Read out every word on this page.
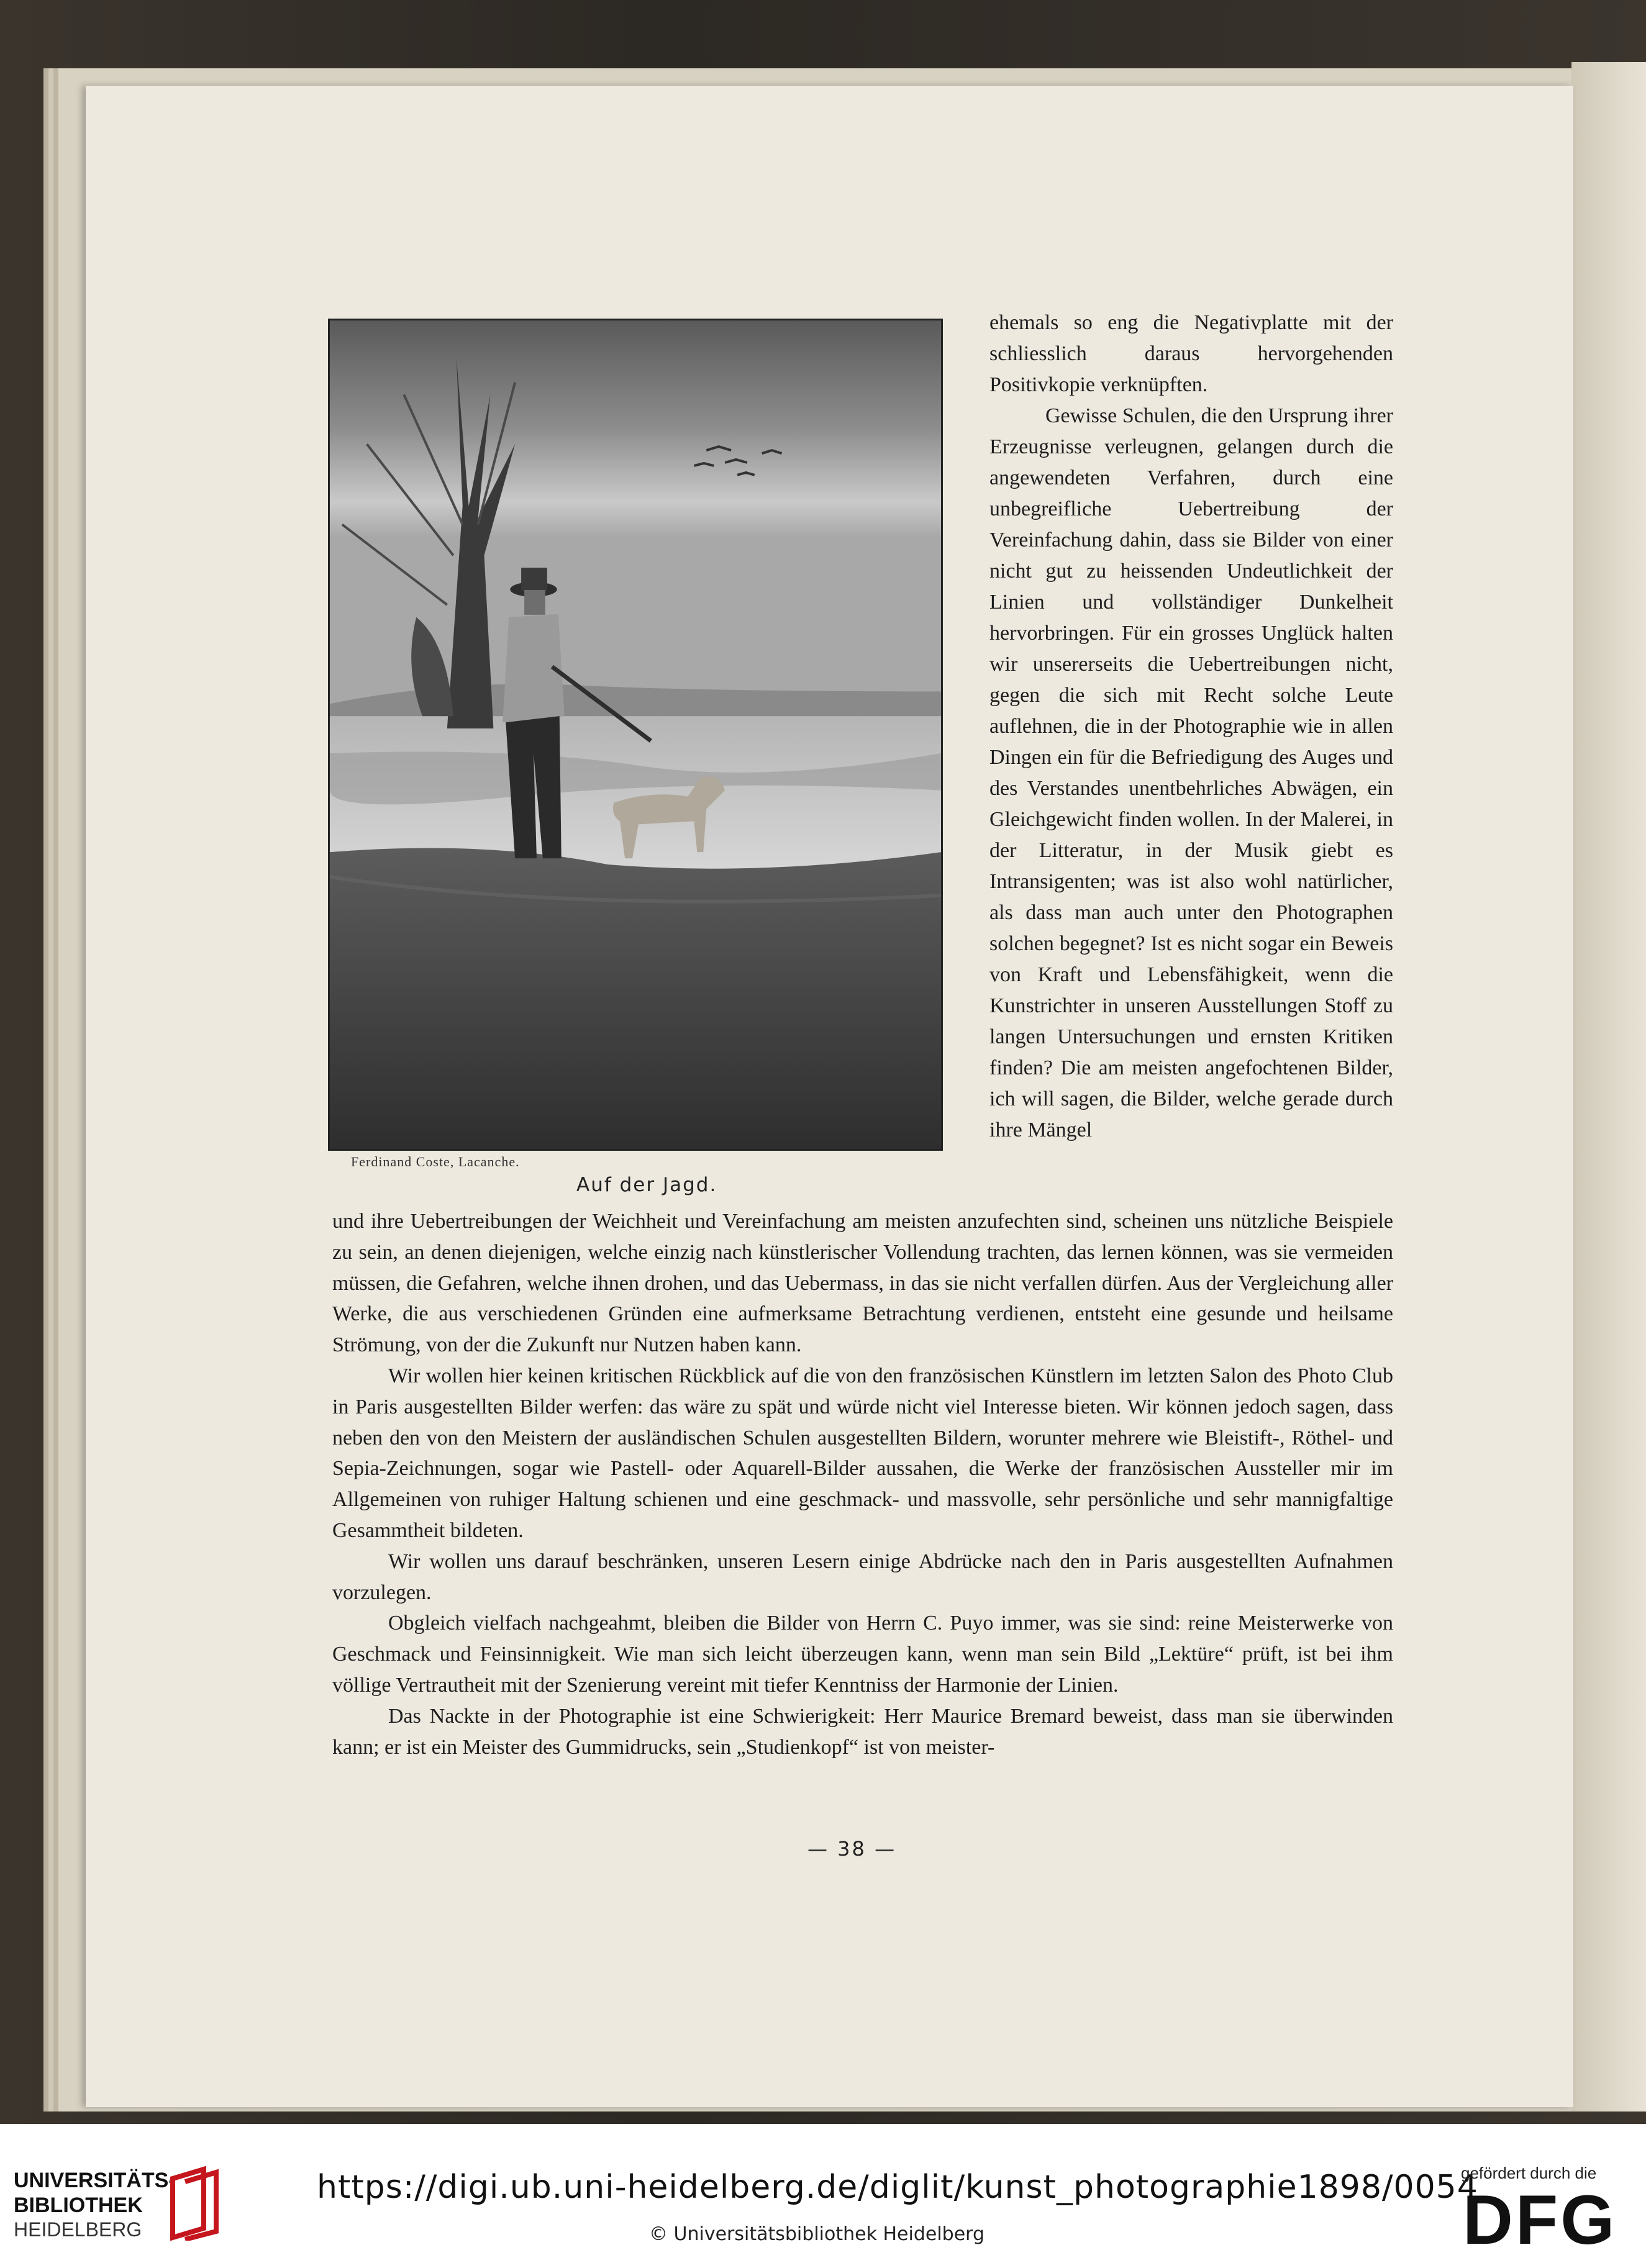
Ferdinand Coste, Lacanche.
Auf der Jagd.

ehemals so eng die Negativplatte mit der schliesslich daraus hervorgehenden Positivkopie verknüpften.

Gewisse Schulen, die den Ursprung ihrer Erzeugnisse verleugnen, gelangen durch die angewendeten Verfahren, durch eine unbegreifliche Uebertreibung der Vereinfachung dahin, dass sie Bilder von einer nicht gut zu heissenden Undeutlichkeit der Linien und vollständiger Dunkelheit hervorbringen. Für ein grosses Unglück halten wir unsererseits die Uebertreibungen nicht, gegen die sich mit Recht solche Leute auflehnen, die in der Photographie wie in allen Dingen ein für die Befriedigung des Auges und des Verstandes unentbehrliches Abwägen, ein Gleichgewicht finden wollen. In der Malerei, in der Litteratur, in der Musik giebt es Intransigenten; was ist also wohl natürlicher, als dass man auch unter den Photographen solchen begegnet? Ist es nicht sogar ein Beweis von Kraft und Lebensfähigkeit, wenn die Kunstrichter in unseren Ausstellungen Stoff zu langen Untersuchungen und ernsten Kritiken finden? Die am meisten angefochtenen Bilder, ich will sagen, die Bilder, welche gerade durch ihre Mängel

und ihre Uebertreibungen der Weichheit und Vereinfachung am meisten anzufechten sind, scheinen uns nützliche Beispiele zu sein, an denen diejenigen, welche einzig nach künstlerischer Vollendung trachten, das lernen können, was sie vermeiden müssen, die Gefahren, welche ihnen drohen, und das Uebermass, in das sie nicht verfallen dürfen. Aus der Vergleichung aller Werke, die aus verschiedenen Gründen eine aufmerksame Betrachtung verdienen, entsteht eine gesunde und heilsame Strömung, von der die Zukunft nur Nutzen haben kann.

Wir wollen hier keinen kritischen Rückblick auf die von den französischen Künstlern im letzten Salon des Photo Club in Paris ausgestellten Bilder werfen: das wäre zu spät und würde nicht viel Interesse bieten. Wir können jedoch sagen, dass neben den von den Meistern der ausländischen Schulen ausgestellten Bildern, worunter mehrere wie Bleistift-, Röthel- und Sepia-Zeichnungen, sogar wie Pastell- oder Aquarell-Bilder aussahen, die Werke der französischen Aussteller mir im Allgemeinen von ruhiger Haltung schienen und eine geschmack- und massvolle, sehr persönliche und sehr mannigfaltige Gesammtheit bildeten.

Wir wollen uns darauf beschränken, unseren Lesern einige Abdrücke nach den in Paris ausgestellten Aufnahmen vorzulegen.

Obgleich vielfach nachgeahmt, bleiben die Bilder von Herrn C. Puyo immer, was sie sind: reine Meisterwerke von Geschmack und Feinsinnigkeit. Wie man sich leicht überzeugen kann, wenn man sein Bild „Lektüre“ prüft, ist bei ihm völlige Vertrautheit mit der Szenierung vereint mit tiefer Kenntniss der Harmonie der Linien.

Das Nackte in der Photographie ist eine Schwierigkeit: Herr Maurice Bremard beweist, dass man sie überwinden kann; er ist ein Meister des Gummidrucks, sein „Studienkopf“ ist von meister-

— 38 —
UNIVERSITÄTS-
BIBLIOTHEK
HEIDELBERG
https://digi.ub.uni-heidelberg.de/diglit/kunst_photographie1898/0054
© Universitätsbibliothek Heidelberg
gefördert durch die
DFG
